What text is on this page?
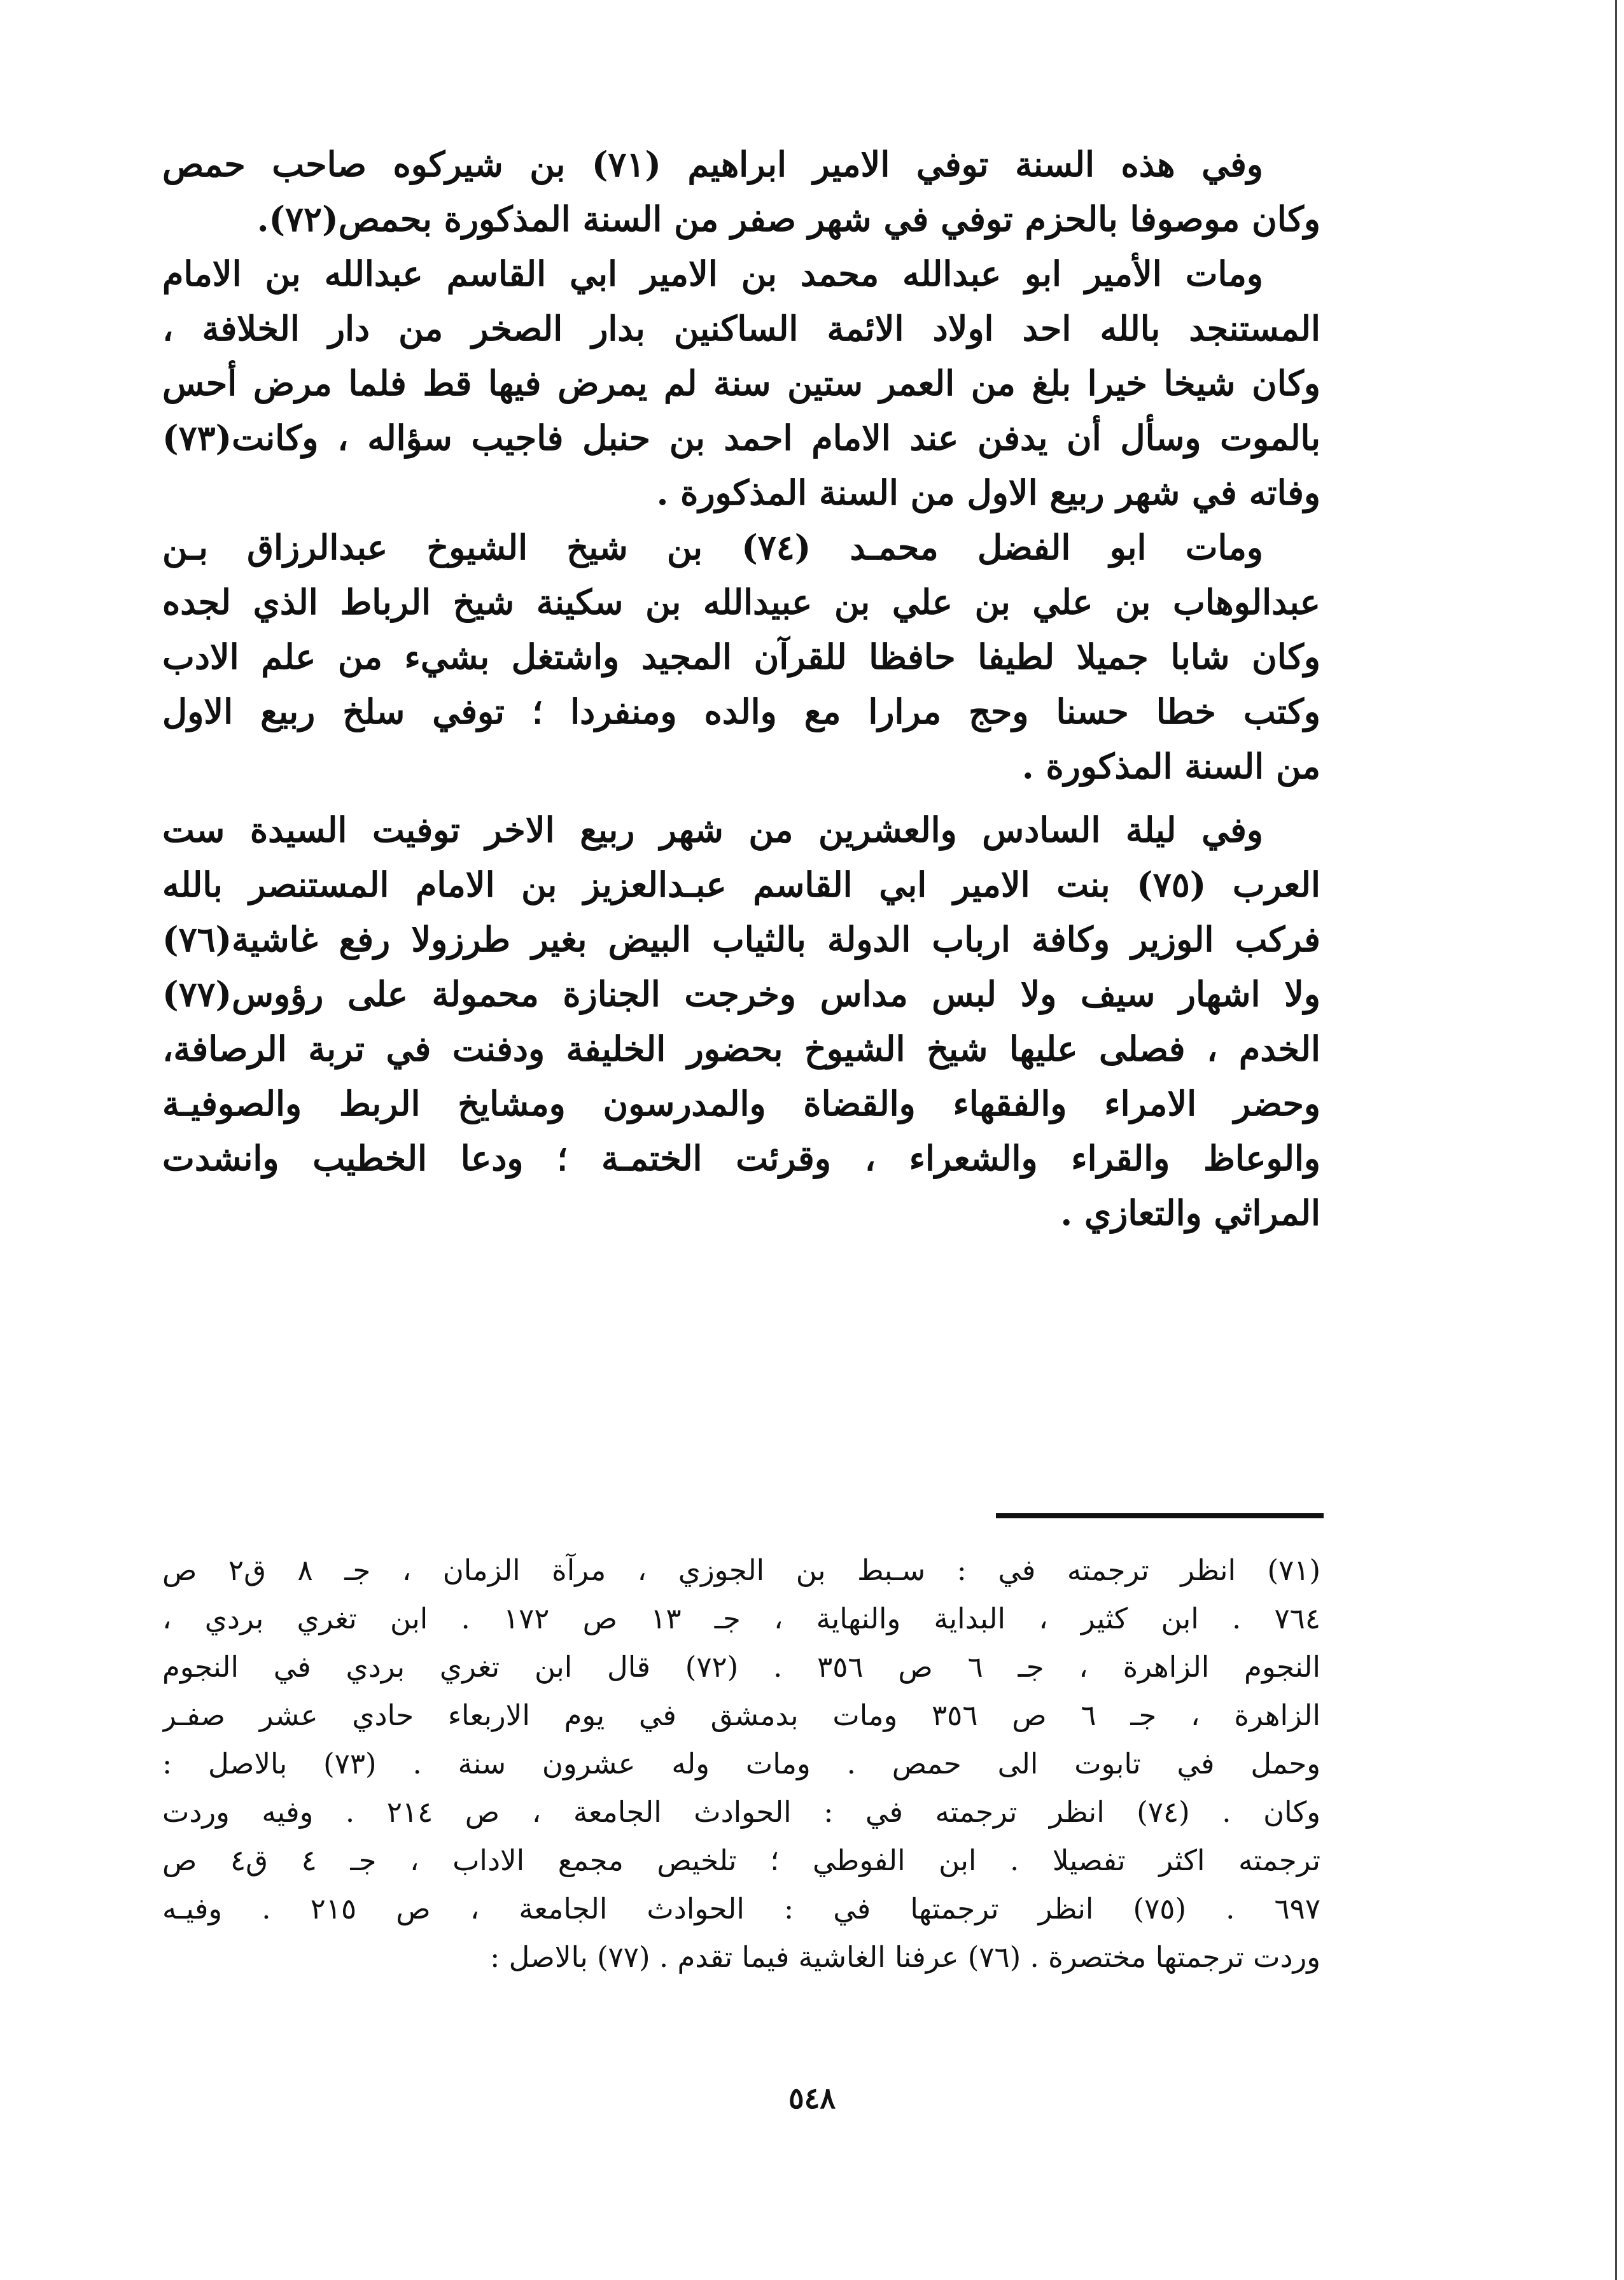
وفي هذه السنة توفي الامير ابراهيم (٧١) بن شيركوه صاحب حمص
وكان موصوفا بالحزم توفي في شهر صفر من السنة المذكورة بحمص(٧٢).
ومات الأمير ابو عبدالله محمد بن الامير ابي القاسم عبدالله بن الامام
المستنجد بالله احد اولاد الائمة الساكنين بدار الصخر من دار الخلافة ،
وكان شيخا خيرا بلغ من العمر ستين سنة لم يمرض فيها قط فلما مرض أحس
بالموت وسأل أن يدفن عند الامام احمد بن حنبل فاجيب سؤاله ، وكانت(٧٣)
وفاته في شهر ربيع الاول من السنة المذكورة .
ومات ابو الفضل محمـد (٧٤) بن شيخ الشيوخ عبدالرزاق بـن
عبدالوهاب بن علي بن علي بن عبيدالله بن سكينة شيخ الرباط الذي لجده
وكان شابا جميلا لطيفا حافظا للقرآن المجيد واشتغل بشيء من علم الادب
وكتب خطا حسنا وحج مرارا مع والده ومنفردا ؛ توفي سلخ ربيع الاول
من السنة المذكورة .
وفي ليلة السادس والعشرين من شهر ربيع الاخر توفيت السيدة ست
العرب (٧٥) بنت الامير ابي القاسم عبـدالعزيز بن الامام المستنصر بالله
فركب الوزير وكافة ارباب الدولة بالثياب البيض بغير طرزولا رفع غاشية(٧٦)
ولا اشهار سيف ولا لبس مداس وخرجت الجنازة محمولة على رؤوس(٧٧)
الخدم ، فصلى عليها شيخ الشيوخ بحضور الخليفة ودفنت في تربة الرصافة،
وحضر الامراء والفقهاء والقضاة والمدرسون ومشايخ الربط والصوفيـة
والوعاظ والقراء والشعراء ، وقرئت الختمـة ؛ ودعا الخطيب وانشدت
المراثي والتعازي .
(٧١) انظر ترجمته في : سـبط بن الجوزي ، مرآة الزمان ، جـ ٨ ق٢ ص
٧٦٤ . ابن كثير ، البداية والنهاية ، جـ ١٣ ص ١٧٢ . ابن تغري بردي ،
النجوم الزاهرة ، جـ ٦ ص ٣٥٦ . (٧٢) قال ابن تغري بردي في النجوم
الزاهرة ، جـ ٦ ص ٣٥٦ ومات بدمشق في يوم الاربعاء حادي عشر صفـر
وحمل في تابوت الى حمص . ومات وله عشرون سنة . (٧٣) بالاصل :
وكان . (٧٤) انظر ترجمته في : الحوادث الجامعة ، ص ٢١٤ . وفيه وردت
ترجمته اكثر تفصيلا . ابن الفوطي ؛ تلخيص مجمع الاداب ، جـ ٤ ق٤ ص
٦٩٧ . (٧٥) انظر ترجمتها في : الحوادث الجامعة ، ص ٢١٥ . وفيـه
وردت ترجمتها مختصرة . (٧٦) عرفنا الغاشية فيما تقدم . (٧٧) بالاصل :
٥٤٨
